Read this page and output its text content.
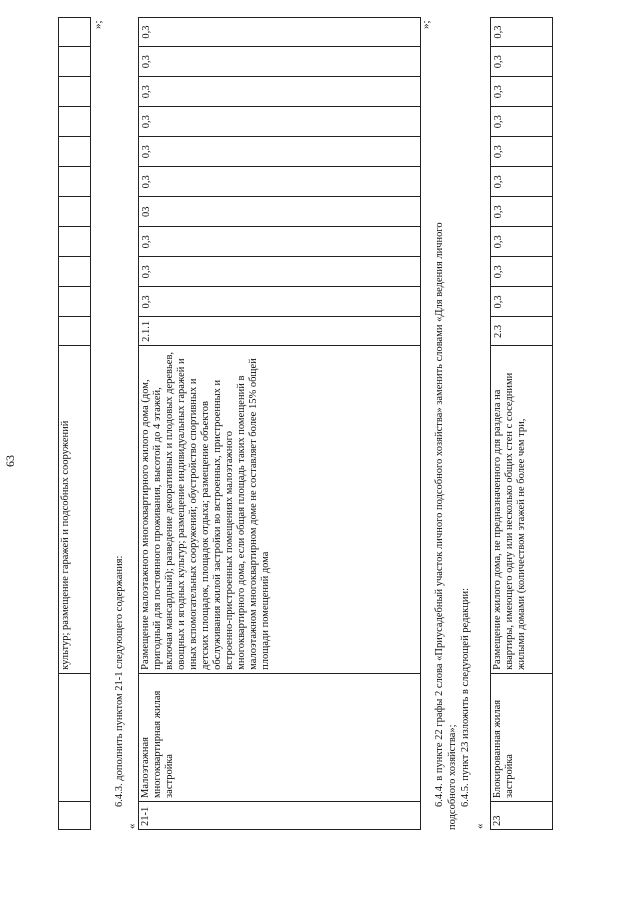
63
			культур; размещение гаражей и подсобных сооружений											
»;
6.4.3. дополнить пунктом 21-1 следующего содержания:
«
21-1	Малоэтажная многоквартирная жилая застройка	Размещение малоэтажного многоквартирного жилого дома (дом, пригодный для постоянного проживания, высотой до 4 этажей, включая мансардный); разведение декоративных и плодовых деревьев, овощных и ягодных культур; размещение индивидуальных гаражей и иных вспомогательных сооружений; обустройство спортивных и детских площадок, площадок отдыха; размещение объектов обслуживания жилой застройки во встроенных, пристроенных и встроенно-пристроенных помещениях малоэтажного многоквартирного дома, если общая площадь таких помещений в малоэтажном многоквартирном доме не составляет более 15% общей площади помещений дома	2.1.1	0,3	0,3	0,3	03	0,3	0,3	0,3	0,3	0,3	0,3
»;
6.4.4. в пункте 22 графы 2 слова «Приусадебный участок личного подсобного хозяйства» заменить словами «Для ведения личного подсобного хозяйства»; 6.4.5. пункт 23 изложить в следующей редакции:
«
23	Блокированная жилая застройка	Размещение жилого дома, не предназначенного для раздела на квартиры, имеющего одну или несколько общих стен с соседними жилыми домами (количеством этажей не более чем три,	2.3	0,3	0,3	0,3	0,3	0,3	0,3	0,3	0,3	0,3	0,3
